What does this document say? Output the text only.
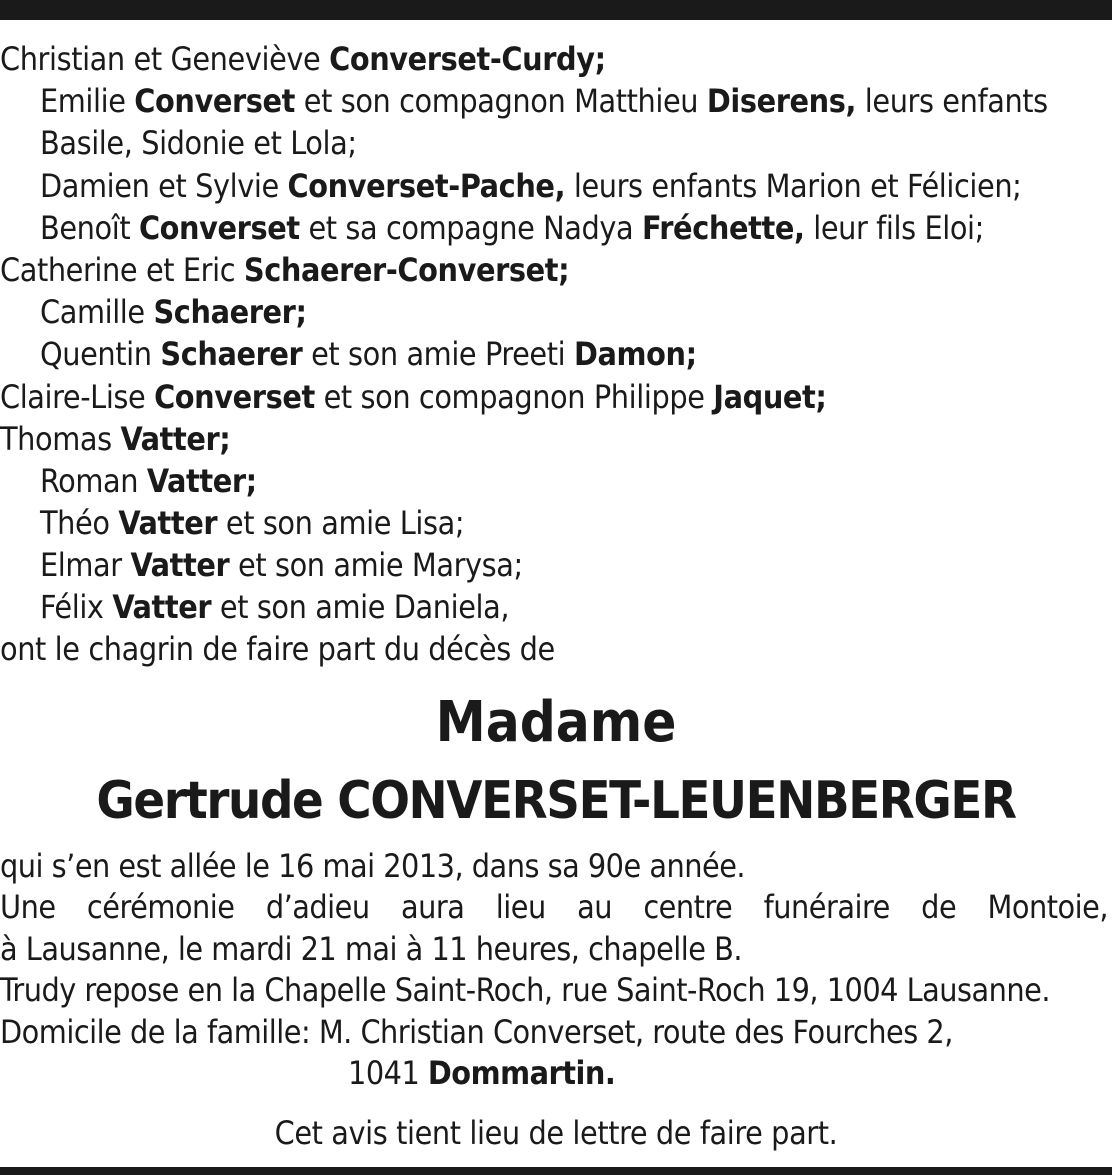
Christian et Geneviève Converset-Curdy;
Emilie Converset et son compagnon Matthieu Diserens, leurs enfants
Basile, Sidonie et Lola;
Damien et Sylvie Converset-Pache, leurs enfants Marion et Félicien;
Benoît Converset et sa compagne Nadya Fréchette, leur fils Eloi;
Catherine et Eric Schaerer-Converset;
Camille Schaerer;
Quentin Schaerer et son amie Preeti Damon;
Claire-Lise Converset et son compagnon Philippe Jaquet;
Thomas Vatter;
Roman Vatter;
Théo Vatter et son amie Lisa;
Elmar Vatter et son amie Marysa;
Félix Vatter et son amie Daniela,
ont le chagrin de faire part du décès de
Madame
Gertrude CONVERSET-LEUENBERGER
qui s’en est allée le 16 mai 2013, dans sa 90e année.
Une cérémonie d’adieu aura lieu au centre funéraire de Montoie,
à Lausanne, le mardi 21 mai à 11 heures, chapelle B.
Trudy repose en la Chapelle Saint-Roch, rue Saint-Roch 19, 1004 Lausanne.
Domicile de la famille: M. Christian Converset, route des Fourches 2,
1041 Dommartin.
Cet avis tient lieu de lettre de faire part.
